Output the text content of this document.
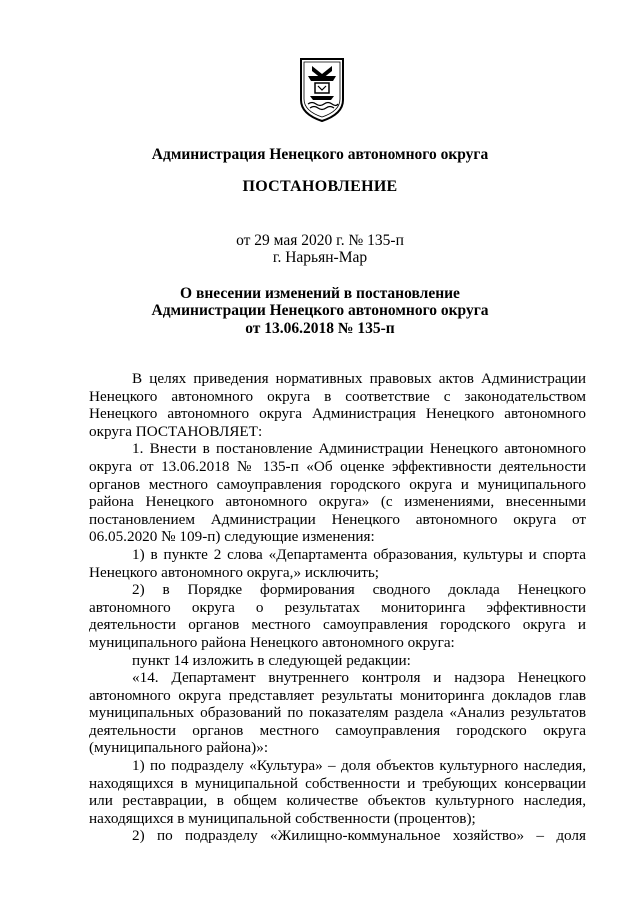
Администрация Ненецкого автономного округа
ПОСТАНОВЛЕНИЕ
от 29 мая 2020 г. № 135-п
г. Нарьян-Мар
О внесении изменений в постановление
Администрации Ненецкого автономного округа
от 13.06.2018 № 135-п

В целях приведения нормативных правовых актов Администрации Ненецкого автономного округа в соответствие с законодательством Ненецкого автономного округа Администрация Ненецкого автономного округа ПОСТАНОВЛЯЕТ:

1. Внести в постановление Администрации Ненецкого автономного округа от 13.06.2018 № 135-п «Об оценке эффективности деятельности органов местного самоуправления городского округа и муниципального района Ненецкого автономного округа» (с изменениями, внесенными постановлением Администрации Ненецкого автономного округа от 06.05.2020 № 109-п) следующие изменения:

1) в пункте 2 слова «Департамента образования, культуры и спорта Ненецкого автономного округа,» исключить;

2) в Порядке формирования сводного доклада Ненецкого автономного округа о результатах мониторинга эффективности деятельности органов местного самоуправления городского округа и муниципального района Ненецкого автономного округа:

пункт 14 изложить в следующей редакции:

«14. Департамент внутреннего контроля и надзора Ненецкого автономного округа представляет результаты мониторинга докладов глав муниципальных образований по показателям раздела «Анализ результатов деятельности органов местного самоуправления городского округа (муниципального района)»:

1) по подразделу «Культура» – доля объектов культурного наследия, находящихся в муниципальной собственности и требующих консервации или реставрации, в общем количестве объектов культурного наследия, находящихся в муниципальной собственности (процентов);

2) по подразделу «Жилищно-коммунальное хозяйство» – доля
